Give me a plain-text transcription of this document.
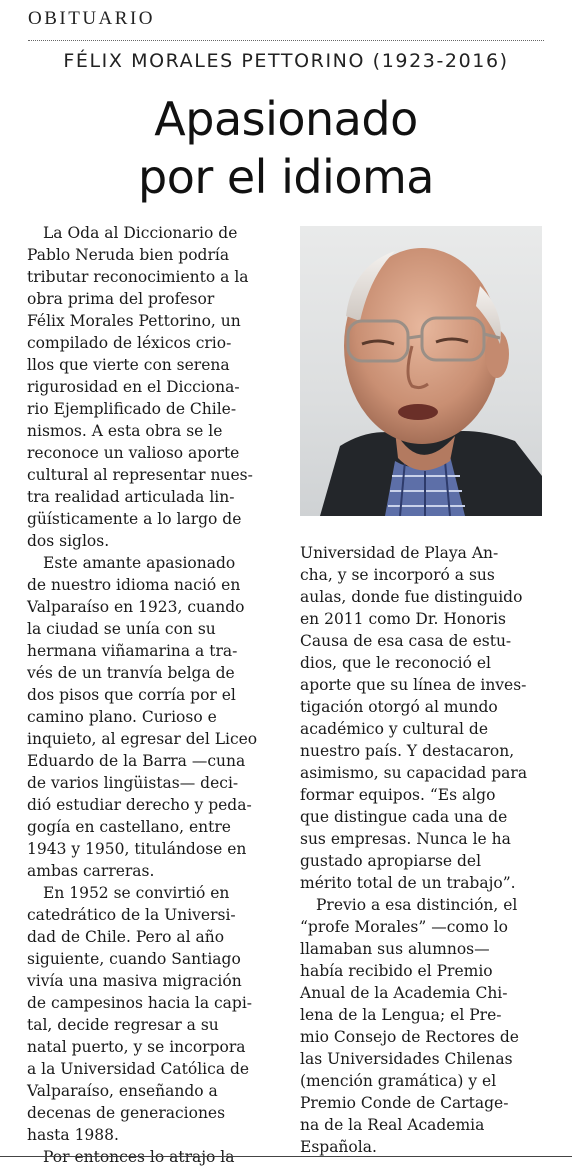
OBITUARIO
FÉLIX MORALES PETTORINO (1923-2016)
Apasionado
por el idioma

La Oda al Diccionario de
Pablo Neruda bien podría
tributar reconocimiento a la
obra prima del profesor
Félix Morales Pettorino, un
compilado de léxicos crio-
llos que vierte con serena
rigurosidad en el Dicciona-
rio Ejemplificado de Chile-
nismos. A esta obra se le
reconoce un valioso aporte
cultural al representar nues-
tra realidad articulada lin-
güísticamente a lo largo de
dos siglos.

Este amante apasionado
de nuestro idioma nació en
Valparaíso en 1923, cuando
la ciudad se unía con su
hermana viñamarina a tra-
vés de un tranvía belga de
dos pisos que corría por el
camino plano. Curioso e
inquieto, al egresar del Liceo
Eduardo de la Barra —cuna
de varios lingüistas— deci-
dió estudiar derecho y peda-
gogía en castellano, entre
1943 y 1950, titulándose en
ambas carreras.

En 1952 se convirtió en
catedrático de la Universi-
dad de Chile. Pero al año
siguiente, cuando Santiago
vivía una masiva migración
de campesinos hacia la capi-
tal, decide regresar a su
natal puerto, y se incorpora
a la Universidad Católica de
Valparaíso, enseñando a
decenas de generaciones
hasta 1988.

Por entonces lo atrajo la

Universidad de Playa An-
cha, y se incorporó a sus
aulas, donde fue distinguido
en 2011 como Dr. Honoris
Causa de esa casa de estu-
dios, que le reconoció el
aporte que su línea de inves-
tigación otorgó al mundo
académico y cultural de
nuestro país. Y destacaron,
asimismo, su capacidad para
formar equipos. “Es algo
que distingue cada una de
sus empresas. Nunca le ha
gustado apropiarse del
mérito total de un trabajo”.

Previo a esa distinción, el
“profe Morales” —como lo
llamaban sus alumnos—
había recibido el Premio
Anual de la Academia Chi-
lena de la Lengua; el Pre-
mio Consejo de Rectores de
las Universidades Chilenas
(mención gramática) y el
Premio Conde de Cartage-
na de la Real Academia
Española.
